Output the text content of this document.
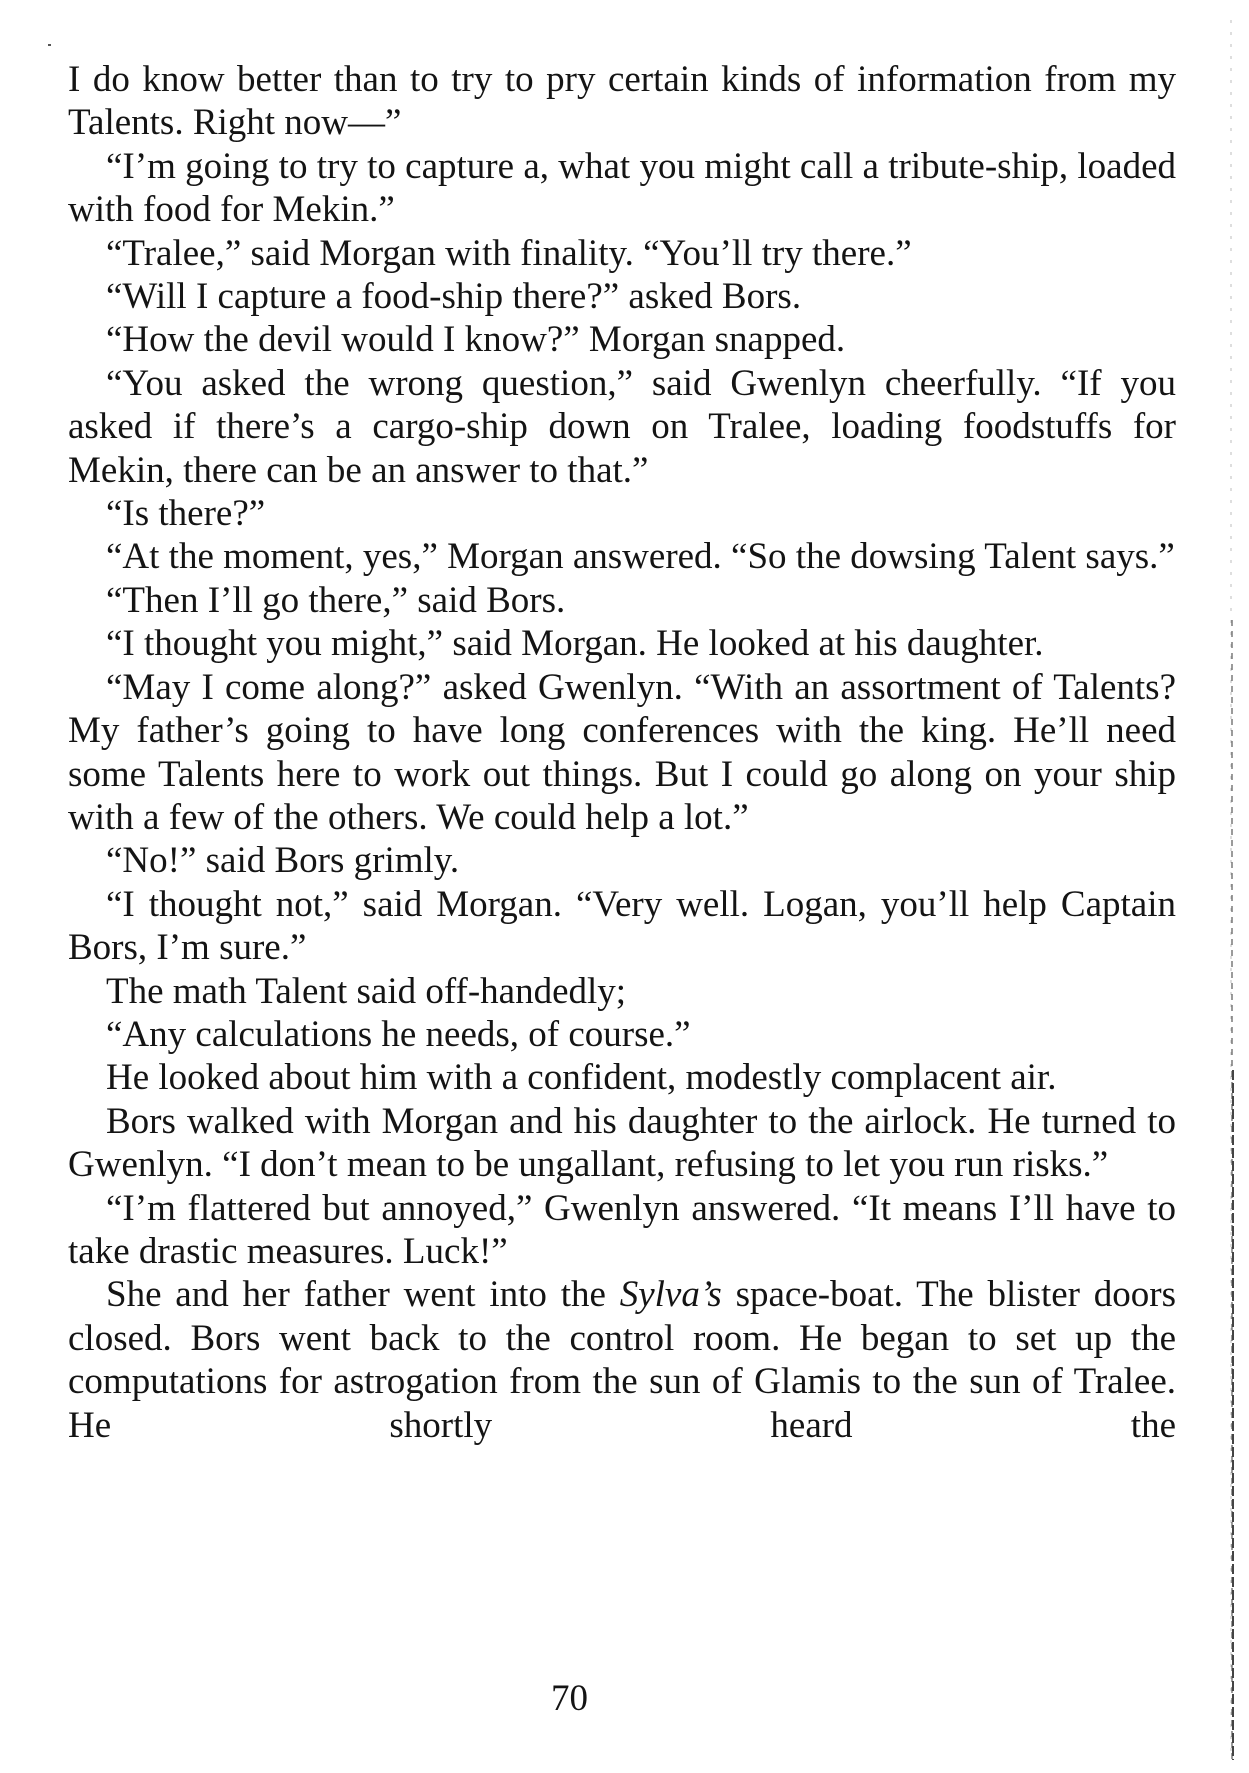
I do know better than to try to pry certain kinds of information from my Talents. Right now—”

“I’m going to try to capture a, what you might call a tribute-ship, loaded with food for Mekin.”

“Tralee,” said Morgan with finality. “You’ll try there.”

“Will I capture a food-ship there?” asked Bors.

“How the devil would I know?” Morgan snapped.

“You asked the wrong question,” said Gwenlyn cheerfully. “If you asked if there’s a cargo-ship down on Tralee, loading foodstuffs for Mekin, there can be an answer to that.”

“Is there?”

“At the moment, yes,” Morgan answered. “So the dowsing Talent says.”

“Then I’ll go there,” said Bors.

“I thought you might,” said Morgan. He looked at his daughter.

“May I come along?” asked Gwenlyn. “With an assortment of Talents? My father’s going to have long conferences with the king. He’ll need some Talents here to work out things. But I could go along on your ship with a few of the others. We could help a lot.”

“No!” said Bors grimly.

“I thought not,” said Morgan. “Very well. Logan, you’ll help Captain Bors, I’m sure.”

The math Talent said off-handedly;

“Any calculations he needs, of course.”

He looked about him with a confident, modestly complacent air.

Bors walked with Morgan and his daughter to the airlock. He turned to Gwenlyn. “I don’t mean to be ungallant, refusing to let you run risks.”

“I’m flattered but annoyed,” Gwenlyn answered. “It means I’ll have to take drastic measures. Luck!”

She and her father went into the Sylva’s space-boat. The blister doors closed. Bors went back to the control room. He began to set up the computations for astrogation from the sun of Glamis to the sun of Tralee. He shortly heard the

70
